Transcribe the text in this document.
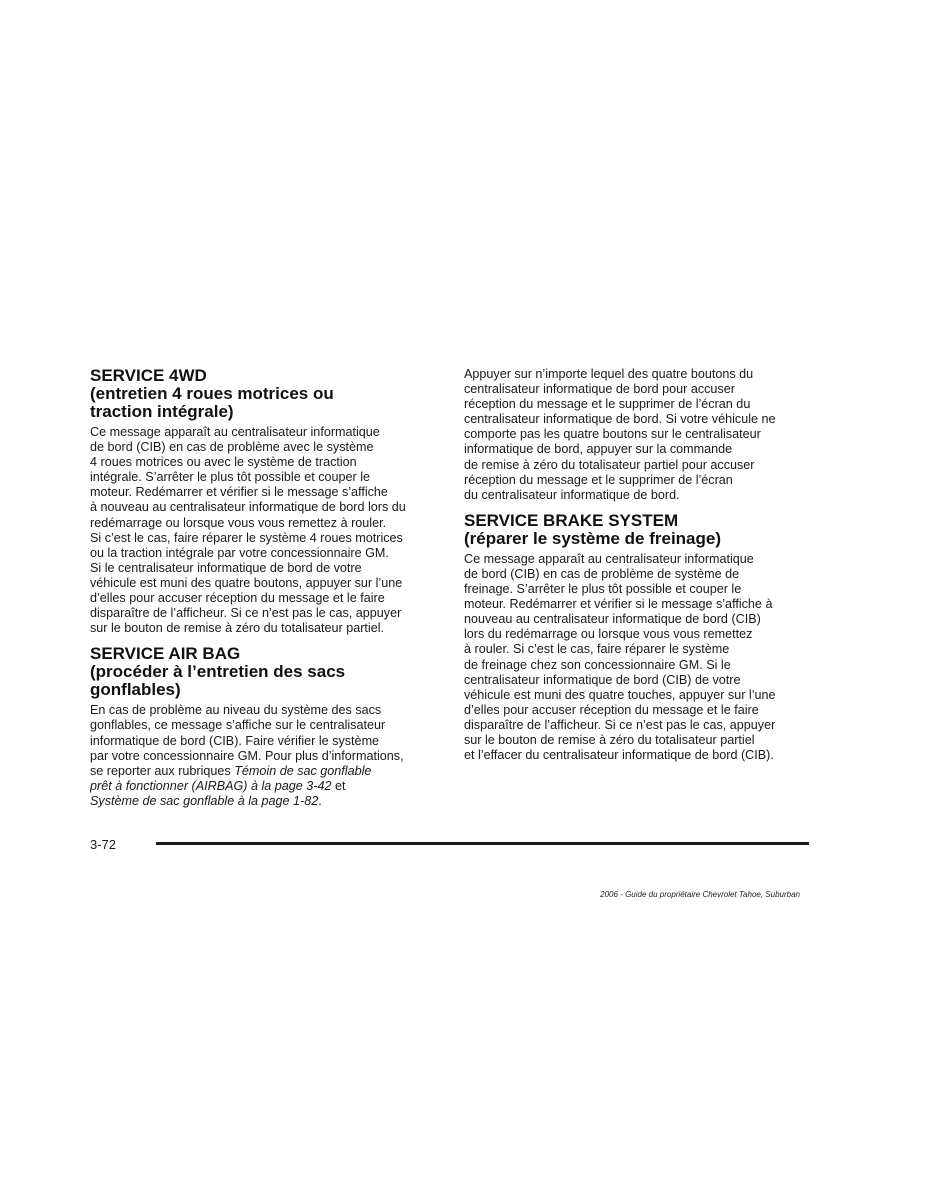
SERVICE 4WD
(entretien 4 roues motrices ou
traction intégrale)

Ce message apparaît au centralisateur informatique
de bord (CIB) en cas de problème avec le système
4 roues motrices ou avec le système de traction
intégrale. S’arrêter le plus tôt possible et couper le
moteur. Redémarrer et vérifier si le message s’affiche
à nouveau au centralisateur informatique de bord lors du
redémarrage ou lorsque vous vous remettez à rouler.
Si c’est le cas, faire réparer le système 4 roues motrices
ou la traction intégrale par votre concessionnaire GM.
Si le centralisateur informatique de bord de votre
véhicule est muni des quatre boutons, appuyer sur l’une
d’elles pour accuser réception du message et le faire
disparaître de l’afficheur. Si ce n’est pas le cas, appuyer
sur le bouton de remise à zéro du totalisateur partiel.

SERVICE AIR BAG
(procéder à l’entretien des sacs
gonflables)

En cas de problème au niveau du système des sacs
gonflables, ce message s’affiche sur le centralisateur
informatique de bord (CIB). Faire vérifier le système
par votre concessionnaire GM. Pour plus d’informations,
se reporter aux rubriques Témoin de sac gonflable
prêt à fonctionner (AIRBAG) à la page 3-42 et
Système de sac gonflable à la page 1-82.

Appuyer sur n’importe lequel des quatre boutons du
centralisateur informatique de bord pour accuser
réception du message et le supprimer de l’écran du
centralisateur informatique de bord. Si votre véhicule ne
comporte pas les quatre boutons sur le centralisateur
informatique de bord, appuyer sur la commande
de remise à zéro du totalisateur partiel pour accuser
réception du message et le supprimer de l’écran
du centralisateur informatique de bord.

SERVICE BRAKE SYSTEM
(réparer le système de freinage)

Ce message apparaît au centralisateur informatique
de bord (CIB) en cas de problème de système de
freinage. S’arrêter le plus tôt possible et couper le
moteur. Redémarrer et vérifier si le message s’affiche à
nouveau au centralisateur informatique de bord (CIB)
lors du redémarrage ou lorsque vous vous remettez
à rouler. Si c’est le cas, faire réparer le système
de freinage chez son concessionnaire GM. Si le
centralisateur informatique de bord (CIB) de votre
véhicule est muni des quatre touches, appuyer sur l’une
d’elles pour accuser réception du message et le faire
disparaître de l’afficheur. Si ce n’est pas le cas, appuyer
sur le bouton de remise à zéro du totalisateur partiel
et l’effacer du centralisateur informatique de bord (CIB).

3-72
2006 - Guide du propriétaire Chevrolet Tahoe, Suburban
